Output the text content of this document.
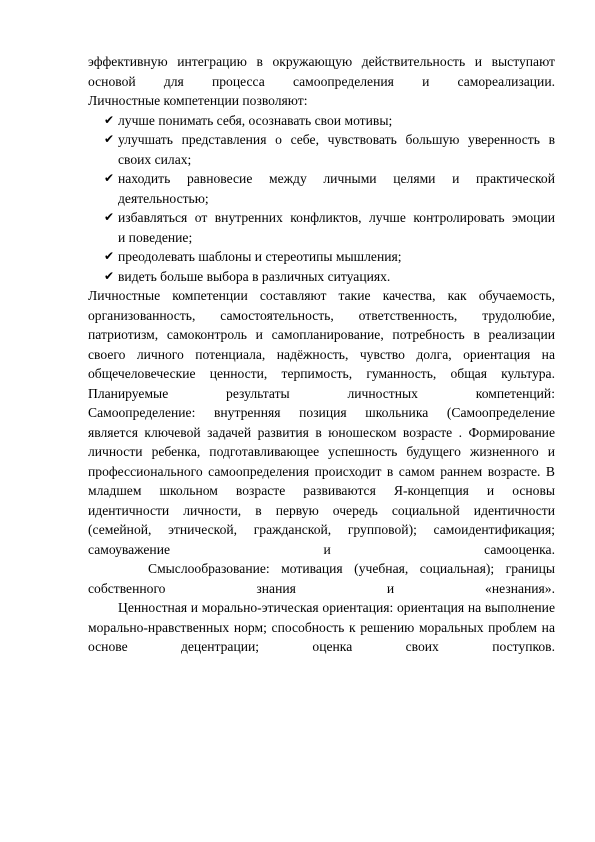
эффективную интеграцию в окружающую действительность и выступают
основой для процесса самоопределения и самореализации.
Личностные компетенции позволяют:
✔ лучше понимать себя, осознавать свои мотивы;
✔ улучшать представления о себе, чувствовать большую уверенность в
своих силах;
✔ находить равновесие между личными целями и практической
деятельностью;
✔ избавляться от внутренних конфликтов, лучше контролировать эмоции
и поведение;
✔ преодолевать шаблоны и стереотипы мышления;
✔ видеть больше выбора в различных ситуациях.
Личностные компетенции составляют такие качества, как обучаемость,
организованность, самостоятельность, ответственность, трудолюбие,
патриотизм, самоконтроль и самопланирование, потребность в реализации
своего личного потенциала, надёжность, чувство долга, ориентация на
общечеловеческие ценности, терпимость, гуманность, общая культура.
Планируемые результаты личностных компетенций:
Самоопределение: внутренняя позиция школьника (Самоопределение
является ключевой задачей развития в юношеском возрасте . Формирование
личности ребенка, подготавливающее успешность будущего жизненного и
профессионального самоопределения происходит в самом раннем возрасте. В
младшем школьном возрасте развиваются Я-концепция и основы
идентичности личности, в первую очередь социальной идентичности
(семейной, этнической, гражданской, групповой); самоидентификация;
самоуважение и самооценка.
Смыслообразование: мотивация (учебная, социальная); границы
собственного знания и «незнания».
Ценностная и морально-этическая ориентация: ориентация на выполнение
морально-нравственных норм; способность к решению моральных проблем на
основе децентрации; оценка своих поступков.
